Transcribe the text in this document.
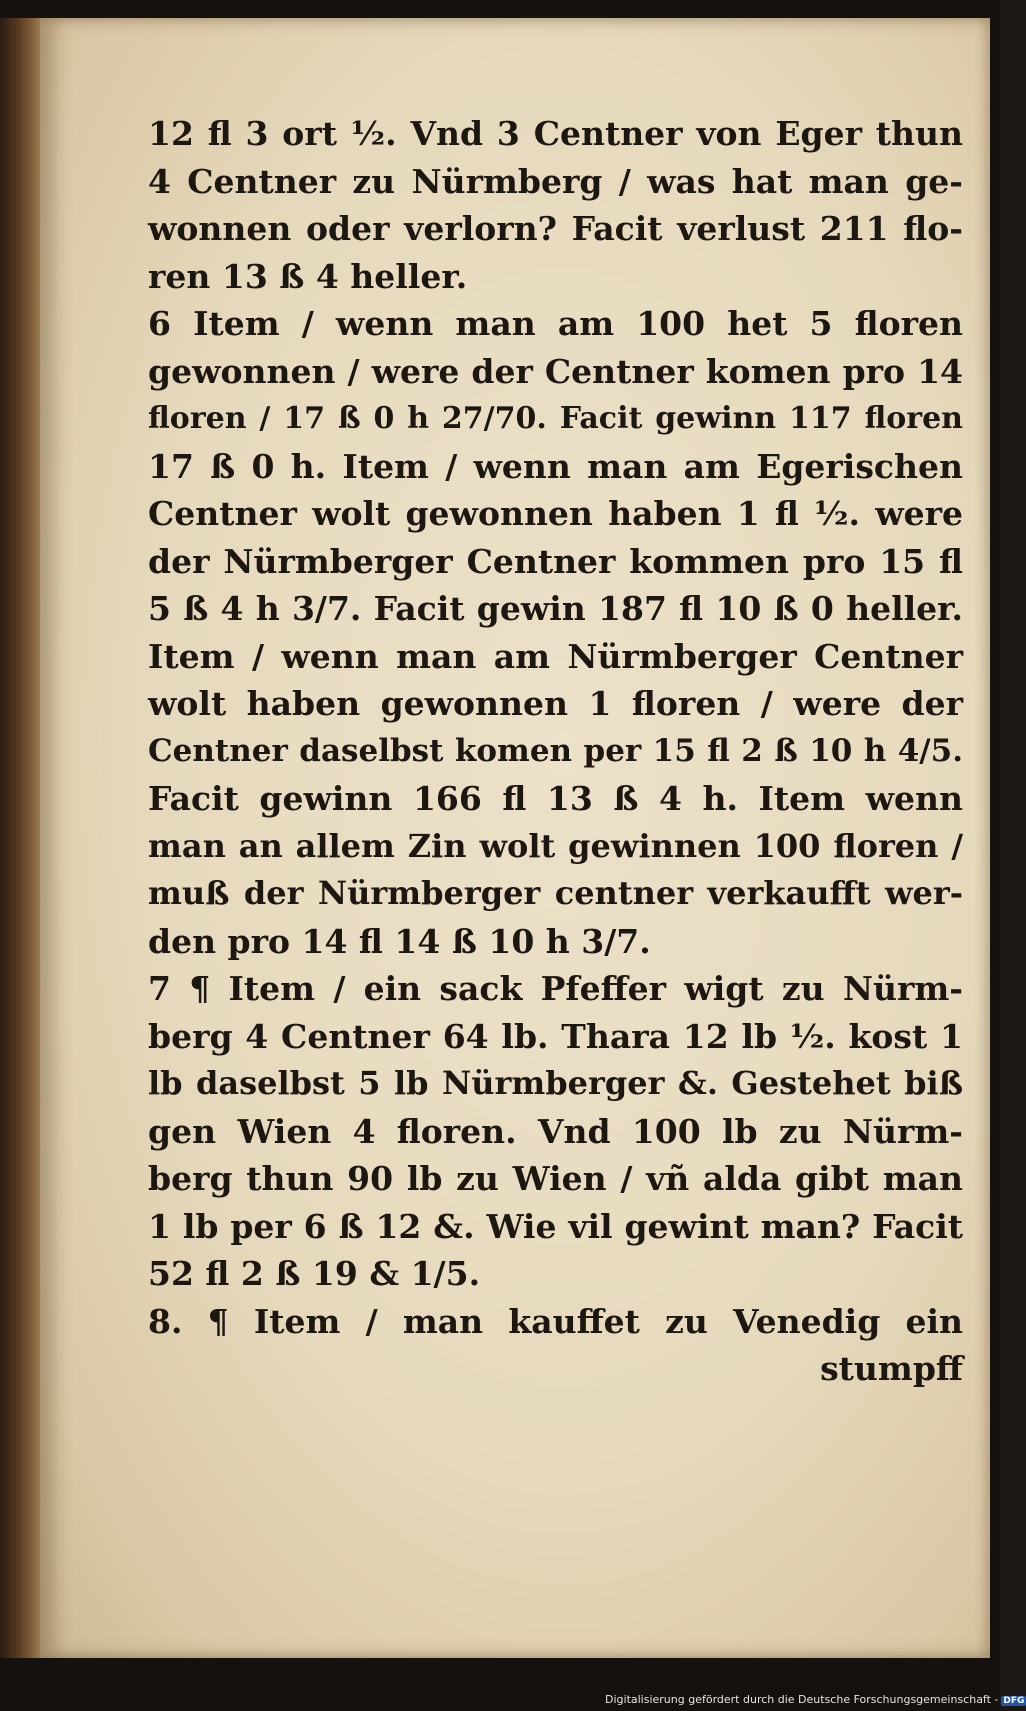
12 fl 3 ort ½. Vnd 3 Centner von Eger thun
4 Centner zu Nürmberg / was hat man ge-
wonnen oder verlorn? Facit verlust 211 flo-
ren 13 ß 4 heller.
6 Item / wenn man am 100 het 5 floren
gewonnen / were der Centner komen pro 14
floren / 17 ß 0 h 27/70. Facit gewinn 117 floren
17 ß 0 h. Item / wenn man am Egerischen
Centner wolt gewonnen haben 1 fl ½. were
der Nürmberger Centner kommen pro 15 fl
5 ß 4 h 3/7. Facit gewin 187 fl 10 ß 0 heller.
Item / wenn man am Nürmberger Centner
wolt haben gewonnen 1 floren / were der
Centner daselbst komen per 15 fl 2 ß 10 h 4/5.
Facit gewinn 166 fl 13 ß 4 h. Item wenn
man an allem Zin wolt gewinnen 100 floren /
muß der Nürmberger centner verkaufft wer-
den pro 14 fl 14 ß 10 h 3/7.
7 ¶ Item / ein sack Pfeffer wigt zu Nürm-
berg 4 Centner 64 lb. Thara 12 lb ½. kost 1
lb daselbst 5 lb Nürmberger &. Gestehet biß
gen Wien 4 floren. Vnd 100 lb zu Nürm-
berg thun 90 lb zu Wien / vñ alda gibt man
1 lb per 6 ß 12 &. Wie vil gewint man? Facit
52 fl 2 ß 19 & 1/5.
8. ¶ Item / man kauffet zu Venedig ein
stumpff
Digitalisierung gefördert durch die Deutsche Forschungsgemeinschaft - DFG
